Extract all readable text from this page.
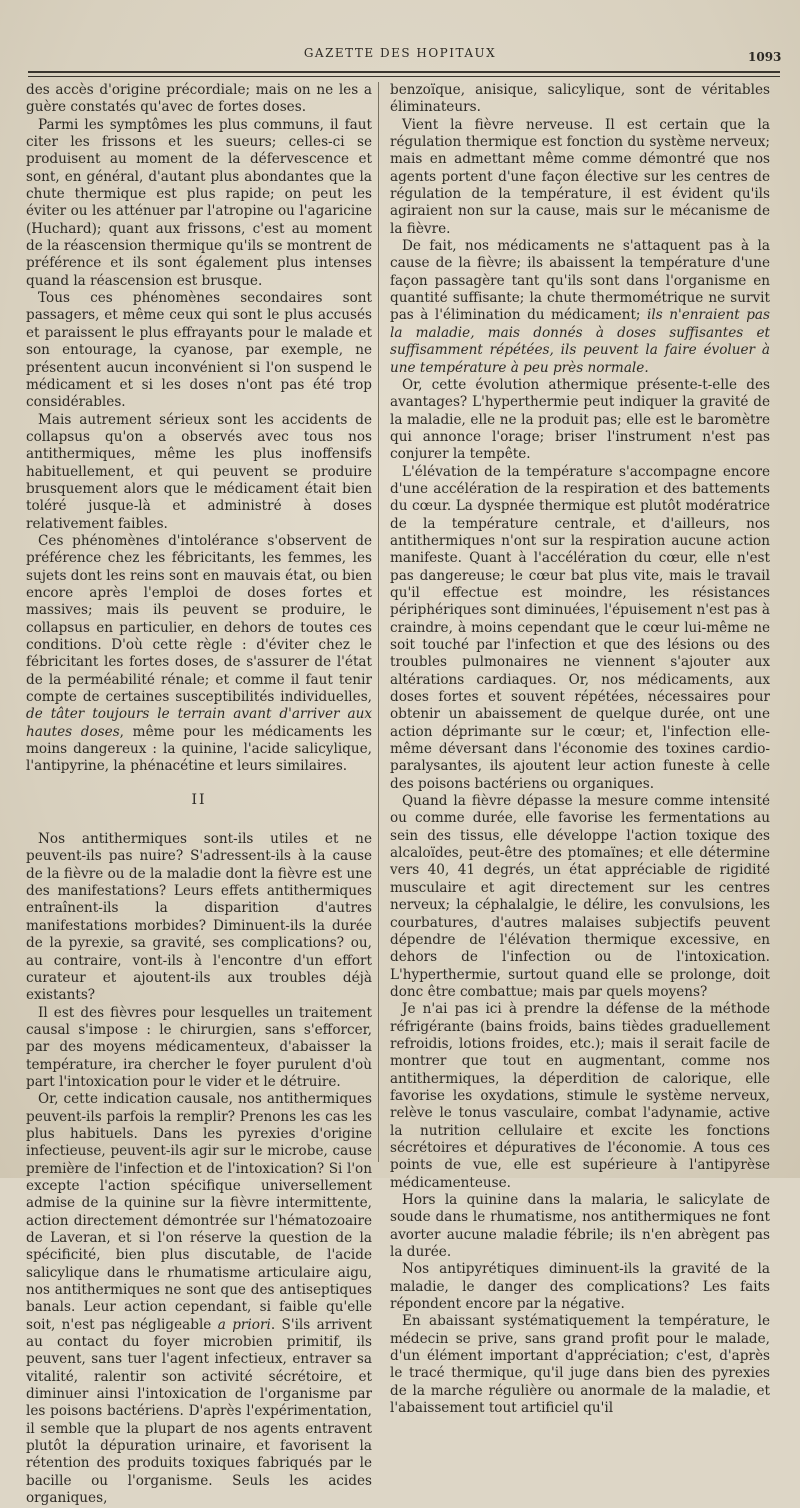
GAZETTE DES HOPITAUX	1093

des accès d'origine précordiale; mais on ne les a guère constatés qu'avec de fortes doses.

Parmi les symptômes les plus communs, il faut citer les frissons et les sueurs; celles-ci se produisent au moment de la défervescence et sont, en général, d'autant plus abondantes que la chute thermique est plus rapide; on peut les éviter ou les atténuer par l'atropine ou l'agaricine (Huchard); quant aux frissons, c'est au moment de la réascension thermique qu'ils se montrent de préférence et ils sont également plus intenses quand la réascension est brusque.

Tous ces phénomènes secondaires sont passagers, et même ceux qui sont le plus accusés et paraissent le plus effrayants pour le malade et son entourage, la cyanose, par exemple, ne présentent aucun inconvénient si l'on suspend le médicament et si les doses n'ont pas été trop considérables.

Mais autrement sérieux sont les accidents de collapsus qu'on a observés avec tous nos antithermiques, même les plus inoffensifs habituellement, et qui peuvent se produire brusquement alors que le médicament était bien toléré jusque-là et administré à doses relativement faibles.

Ces phénomènes d'intolérance s'observent de préférence chez les fébricitants, les femmes, les sujets dont les reins sont en mauvais état, ou bien encore après l'emploi de doses fortes et massives; mais ils peuvent se produire, le collapsus en particulier, en dehors de toutes ces conditions. D'où cette règle : d'éviter chez le fébricitant les fortes doses, de s'assurer de l'état de la perméabilité rénale; et comme il faut tenir compte de certaines susceptibilités individuelles, de tâter toujours le terrain avant d'arriver aux hautes doses, même pour les médicaments les moins dangereux : la quinine, l'acide salicylique, l'antipyrine, la phénacétine et leurs similaires.

II

Nos antithermiques sont-ils utiles et ne peuvent-ils pas nuire? S'adressent-ils à la cause de la fièvre ou de la maladie dont la fièvre est une des manifestations? Leurs effets antithermiques entraînent-ils la disparition d'autres manifestations morbides? Diminuent-ils la durée de la pyrexie, sa gravité, ses complications? ou, au contraire, vont-ils à l'encontre d'un effort curateur et ajoutent-ils aux troubles déjà existants?

Il est des fièvres pour lesquelles un traitement causal s'impose : le chirurgien, sans s'efforcer, par des moyens médicamenteux, d'abaisser la température, ira chercher le foyer purulent d'où part l'intoxication pour le vider et le détruire.

Or, cette indication causale, nos antithermiques peuvent-ils parfois la remplir? Prenons les cas les plus habituels. Dans les pyrexies d'origine infectieuse, peuvent-ils agir sur le microbe, cause première de l'infection et de l'intoxication? Si l'on excepte l'action spécifique universellement admise de la quinine sur la fièvre intermittente, action directement démontrée sur l'hématozoaire de Laveran, et si l'on réserve la question de la spécificité, bien plus discutable, de l'acide salicylique dans le rhumatisme articulaire aigu, nos antithermiques ne sont que des antiseptiques banals. Leur action cependant, si faible qu'elle soit, n'est pas négligeable a priori. S'ils arrivent au contact du foyer microbien primitif, ils peuvent, sans tuer l'agent infectieux, entraver sa vitalité, ralentir son activité sécrétoire, et diminuer ainsi l'intoxication de l'organisme par les poisons bactériens. D'après l'expérimentation, il semble que la plupart de nos agents entravent plutôt la dépuration urinaire, et favorisent la rétention des produits toxiques fabriqués par le bacille ou l'organisme. Seuls les acides organiques,

benzoïque, anisique, salicylique, sont de véritables éliminateurs.

Vient la fièvre nerveuse. Il est certain que la régulation thermique est fonction du système nerveux; mais en admettant même comme démontré que nos agents portent d'une façon élective sur les centres de régulation de la température, il est évident qu'ils agiraient non sur la cause, mais sur le mécanisme de la fièvre.

De fait, nos médicaments ne s'attaquent pas à la cause de la fièvre; ils abaissent la température d'une façon passagère tant qu'ils sont dans l'organisme en quantité suffisante; la chute thermométrique ne survit pas à l'élimination du médicament; ils n'enraient pas la maladie, mais donnés à doses suffisantes et suffisamment répétées, ils peuvent la faire évoluer à une température à peu près normale.

Or, cette évolution athermique présente-t-elle des avantages? L'hyperthermie peut indiquer la gravité de la maladie, elle ne la produit pas; elle est le baromètre qui annonce l'orage; briser l'instrument n'est pas conjurer la tempête.

L'élévation de la température s'accompagne encore d'une accélération de la respiration et des battements du cœur. La dyspnée thermique est plutôt modératrice de la température centrale, et d'ailleurs, nos antithermiques n'ont sur la respiration aucune action manifeste. Quant à l'accélération du cœur, elle n'est pas dangereuse; le cœur bat plus vite, mais le travail qu'il effectue est moindre, les résistances périphériques sont diminuées, l'épuisement n'est pas à craindre, à moins cependant que le cœur lui-même ne soit touché par l'infection et que des lésions ou des troubles pulmonaires ne viennent s'ajouter aux altérations cardiaques. Or, nos médicaments, aux doses fortes et souvent répétées, nécessaires pour obtenir un abaissement de quelque durée, ont une action déprimante sur le cœur; et, l'infection elle-même déversant dans l'économie des toxines cardio-paralysantes, ils ajoutent leur action funeste à celle des poisons bactériens ou organiques.

Quand la fièvre dépasse la mesure comme intensité ou comme durée, elle favorise les fermentations au sein des tissus, elle développe l'action toxique des alcaloïdes, peut-être des ptomaïnes; et elle détermine vers 40, 41 degrés, un état appréciable de rigidité musculaire et agit directement sur les centres nerveux; la céphalalgie, le délire, les convulsions, les courbatures, d'autres malaises subjectifs peuvent dépendre de l'élévation thermique excessive, en dehors de l'infection ou de l'intoxication. L'hyperthermie, surtout quand elle se prolonge, doit donc être combattue; mais par quels moyens?

Je n'ai pas ici à prendre la défense de la méthode réfrigérante (bains froids, bains tièdes graduellement refroidis, lotions froides, etc.); mais il serait facile de montrer que tout en augmentant, comme nos antithermiques, la déperdition de calorique, elle favorise les oxydations, stimule le système nerveux, relève le tonus vasculaire, combat l'adynamie, active la nutrition cellulaire et excite les fonctions sécrétoires et dépuratives de l'économie. A tous ces points de vue, elle est supérieure à l'antipyrèse médicamenteuse.

Hors la quinine dans la malaria, le salicylate de soude dans le rhumatisme, nos antithermiques ne font avorter aucune maladie fébrile; ils n'en abrègent pas la durée.

Nos antipyrétiques diminuent-ils la gravité de la maladie, le danger des complications? Les faits répondent encore par la négative.

En abaissant systématiquement la température, le médecin se prive, sans grand profit pour le malade, d'un élément important d'appréciation; c'est, d'après le tracé thermique, qu'il juge dans bien des pyrexies de la marche régulière ou anormale de la maladie, et l'abaissement tout artificiel qu'il
